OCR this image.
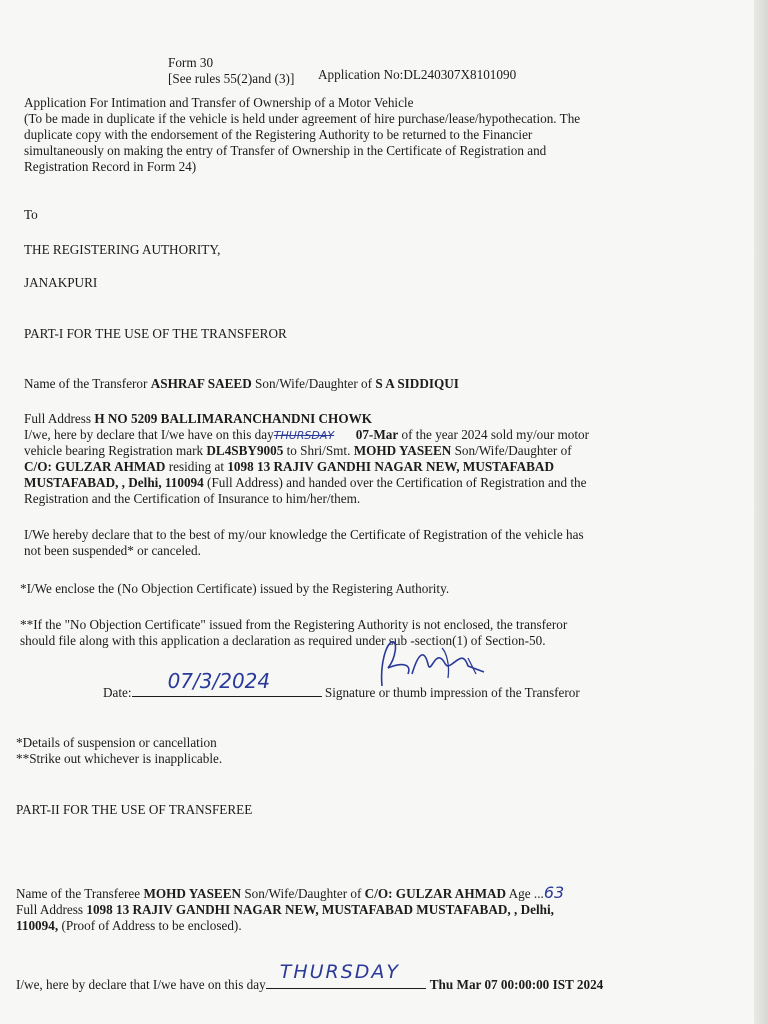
Form 30
[See rules 55(2)and (3)] Application No:DL240307X8101090
Application For Intimation and Transfer of Ownership of a Motor Vehicle
(To be made in duplicate if the vehicle is held under agreement of hire purchase/lease/hypothecation. The
duplicate copy with the endorsement of the Registering Authority to be returned to the Financier
simultaneously on making the entry of Transfer of Ownership in the Certificate of Registration and
Registration Record in Form 24)
To
THE REGISTERING AUTHORITY,
JANAKPURI
PART-I FOR THE USE OF THE TRANSFEROR
Name of the Transferor ASHRAF SAEED Son/Wife/Daughter of S A SIDDIQUI
Full Address H NO 5209 BALLIMARANCHANDNI CHOWK
I/we, here by declare that I/we have on this dayTHURSDAY 07-Mar of the year 2024 sold my/our motor
vehicle bearing Registration mark DL4SBY9005 to Shri/Smt. MOHD YASEEN Son/Wife/Daughter of
C/O: GULZAR AHMAD residing at 1098 13 RAJIV GANDHI NAGAR NEW, MUSTAFABAD
MUSTAFABAD, , Delhi, 110094 (Full Address) and handed over the Certification of Registration and the
Registration and the Certification of Insurance to him/her/them.
I/We hereby declare that to the best of my/our knowledge the Certificate of Registration of the vehicle has
not been suspended* or canceled.
*I/We enclose the (No Objection Certificate) issued by the Registering Authority.
**If the "No Objection Certificate" issued from the Registering Authority is not enclosed, the transferor
should file along with this application a declaration as required under sub -section(1) of Section-50.
Date: 07/3/2024	Signature or thumb impression of the Transferor
*Details of suspension or cancellation
**Strike out whichever is inapplicable.
PART-II FOR THE USE OF TRANSFEREE
Name of the Transferee MOHD YASEEN Son/Wife/Daughter of C/O: GULZAR AHMAD Age ...63
Full Address 1098 13 RAJIV GANDHI NAGAR NEW, MUSTAFABAD MUSTAFABAD, , Delhi,
110094, (Proof of Address to be enclosed).
I/we, here by declare that I/we have on this day
THURSDAY
Thu Mar 07 00:00:00 IST 2024
